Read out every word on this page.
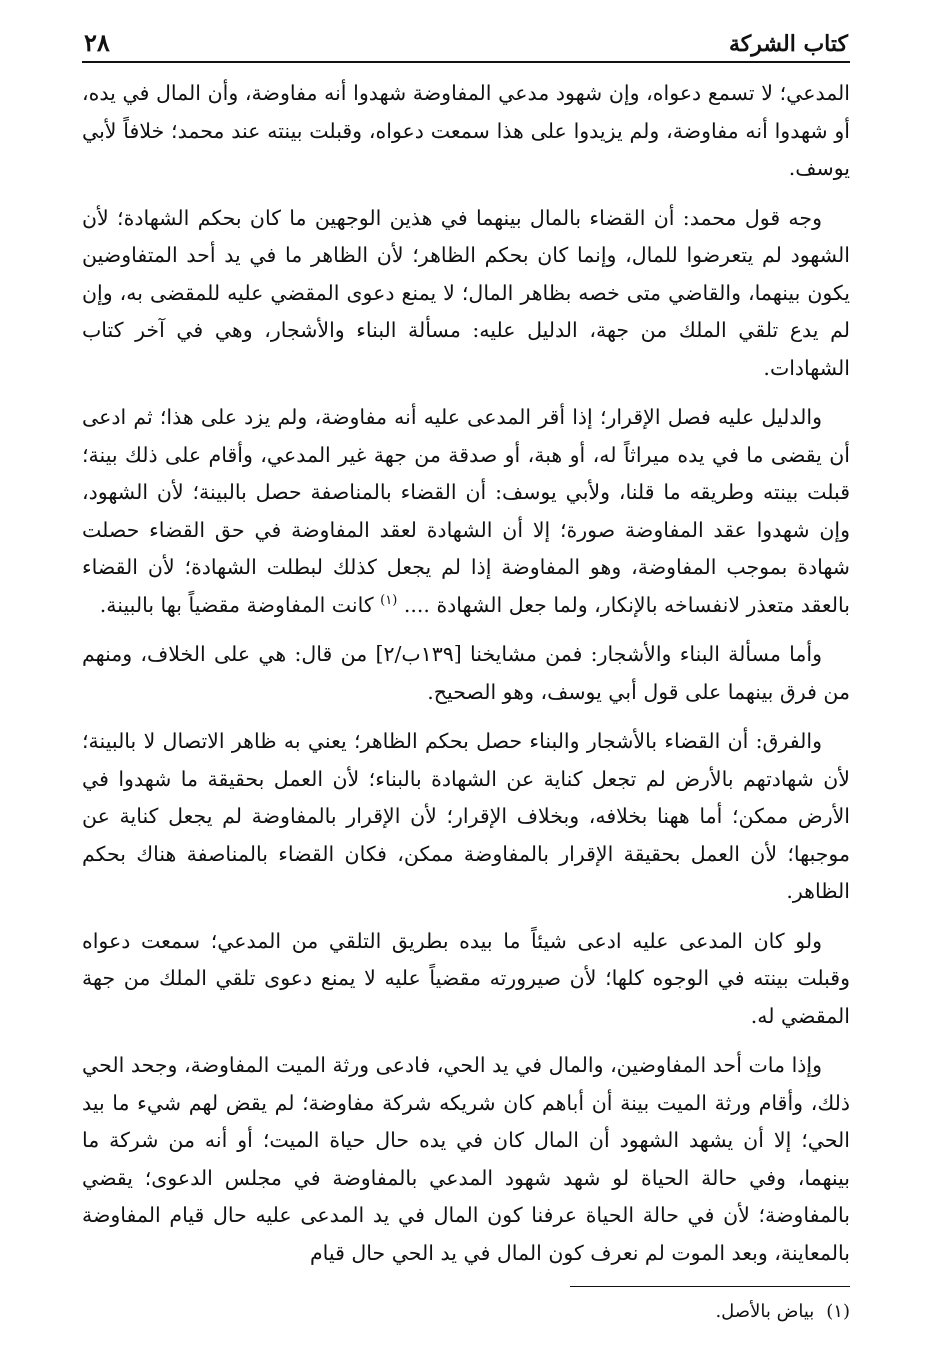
كتاب الشركة
٢٨

المدعي؛ لا تسمع دعواه، وإن شهود مدعي المفاوضة شهدوا أنه مفاوضة، وأن المال في يده، أو شهدوا أنه مفاوضة، ولم يزيدوا على هذا سمعت دعواه، وقبلت بينته عند محمد؛ خلافاً لأبي يوسف.

وجه قول محمد: أن القضاء بالمال بينهما في هذين الوجهين ما كان بحكم الشهادة؛ لأن الشهود لم يتعرضوا للمال، وإنما كان بحكم الظاهر؛ لأن الظاهر ما في يد أحد المتفاوضين يكون بينهما، والقاضي متى خصه بظاهر المال؛ لا يمنع دعوى المقضي عليه للمقضى به، وإن لم يدع تلقي الملك من جهة، الدليل عليه: مسألة البناء والأشجار، وهي في آخر كتاب الشهادات.

والدليل عليه فصل الإقرار؛ إذا أقر المدعى عليه أنه مفاوضة، ولم يزد على هذا؛ ثم ادعى أن يقضى ما في يده ميراثاً له، أو هبة، أو صدقة من جهة غير المدعي، وأقام على ذلك بينة؛ قبلت بينته وطريقه ما قلنا، ولأبي يوسف: أن القضاء بالمناصفة حصل بالبينة؛ لأن الشهود، وإن شهدوا عقد المفاوضة صورة؛ إلا أن الشهادة لعقد المفاوضة في حق القضاء حصلت شهادة بموجب المفاوضة، وهو المفاوضة إذا لم يجعل كذلك لبطلت الشهادة؛ لأن القضاء بالعقد متعذر لانفساخه بالإنكار، ولما جعل الشهادة .... $^{(١)}$ كانت المفاوضة مقضياً بها بالبينة.

وأما مسألة البناء والأشجار: فمن مشايخنا [١٣٩ب/٢] من قال: هي على الخلاف، ومنهم من فرق بينهما على قول أبي يوسف، وهو الصحيح.

والفرق: أن القضاء بالأشجار والبناء حصل بحكم الظاهر؛ يعني به ظاهر الاتصال لا بالبينة؛ لأن شهادتهم بالأرض لم تجعل كناية عن الشهادة بالبناء؛ لأن العمل بحقيقة ما شهدوا في الأرض ممكن؛ أما ههنا بخلافه، وبخلاف الإقرار؛ لأن الإقرار بالمفاوضة لم يجعل كناية عن موجبها؛ لأن العمل بحقيقة الإقرار بالمفاوضة ممكن، فكان القضاء بالمناصفة هناك بحكم الظاهر.

ولو كان المدعى عليه ادعى شيئاً ما بيده بطريق التلقي من المدعي؛ سمعت دعواه وقبلت بينته في الوجوه كلها؛ لأن صيرورته مقضياً عليه لا يمنع دعوى تلقي الملك من جهة المقضي له.

وإذا مات أحد المفاوضين، والمال في يد الحي، فادعى ورثة الميت المفاوضة، وجحد الحي ذلك، وأقام ورثة الميت بينة أن أباهم كان شريكه شركة مفاوضة؛ لم يقض لهم شيء ما بيد الحي؛ إلا أن يشهد الشهود أن المال كان في يده حال حياة الميت؛ أو أنه من شركة ما بينهما، وفي حالة الحياة لو شهد شهود المدعي بالمفاوضة في مجلس الدعوى؛ يقضي بالمفاوضة؛ لأن في حالة الحياة عرفنا كون المال في يد المدعى عليه حال قيام المفاوضة بالمعاينة، وبعد الموت لم نعرف كون المال في يد الحي حال قيام

(١)
بياض بالأصل.
